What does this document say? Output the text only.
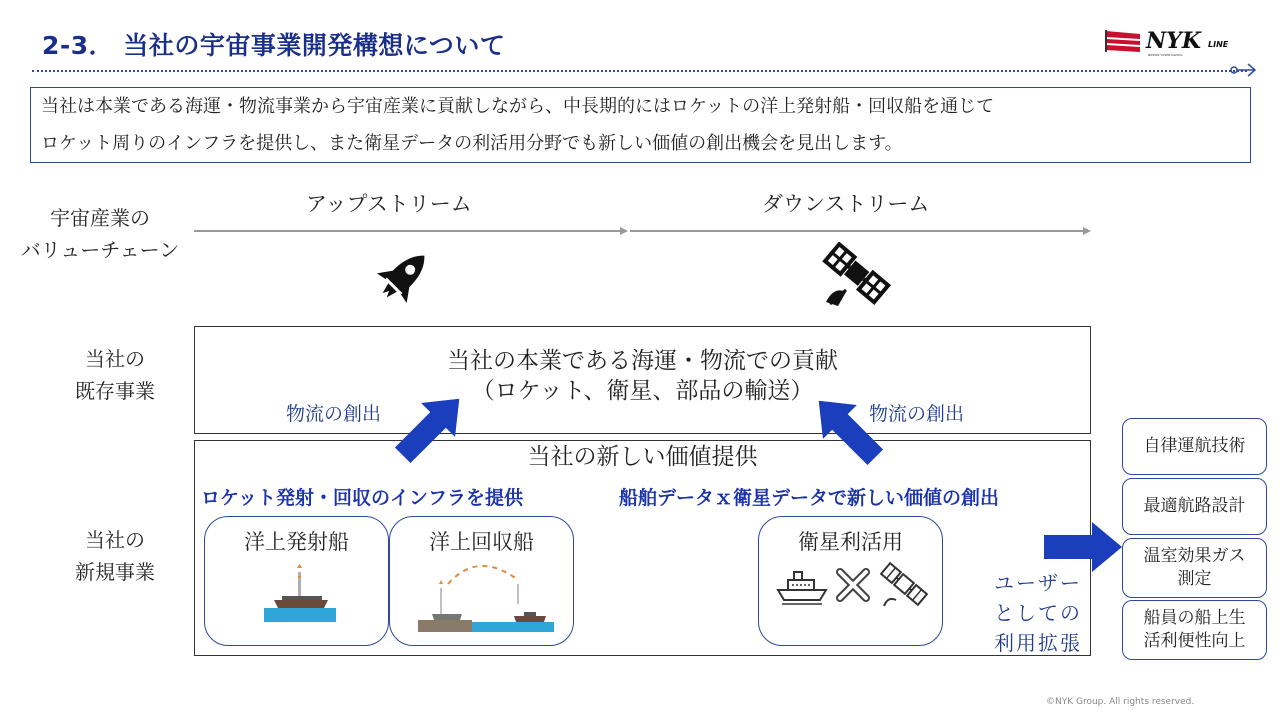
2-3． 当社の宇宙事業開発構想について	NYK LINE
NIPPON YUSEN KAISHA
当社は本業である海運・物流事業から宇宙産業に貢献しながら、中長期的にはロケットの洋上発射船・回収船を通じて
ロケット周りのインフラを提供し、また衛星データの利活用分野でも新しい価値の創出機会を見出します。
宇宙産業の
バリューチェーン
アップストリーム	ダウンストリーム
当社の
既存事業
当社の本業である海運・物流での貢献
（ロケット、衛星、部品の輸送）
物流の創出	物流の創出
当社の
新規事業
当社の新しい価値提供
ロケット発射・回収のインフラを提供	船舶データｘ衛星データで新しい価値の創出
洋上発射船	洋上回収船	衛星利活用
ユーザー
としての
利用拡張
自律運航技術
最適航路設計
温室効果ガス
測定
船員の船上生
活利便性向上
©NYK Group. All rights reserved.
